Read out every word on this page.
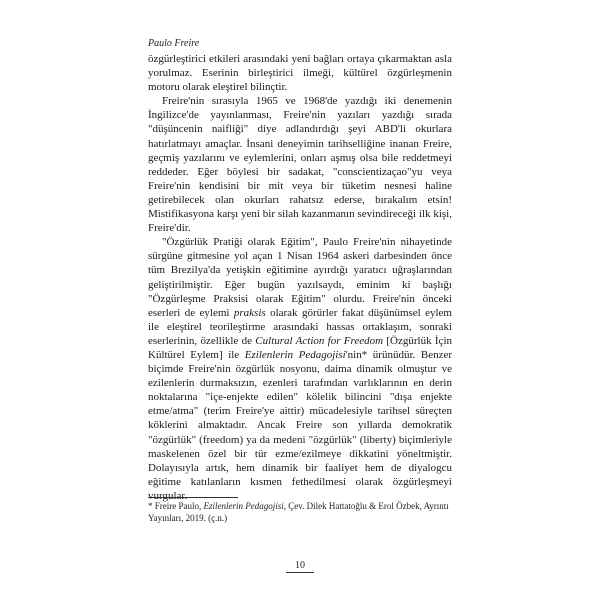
Paulo Freire

özgürleştirici etkileri arasındaki yeni bağları ortaya çıkarmaktan asla yorulmaz. Eserinin birleştirici ilmeği, kültürel özgürleşmenin motoru olarak eleştirel bilinçtir.

Freire'nin sırasıyla 1965 ve 1968'de yazdığı iki denemenin İngilizce'de yayınlanması, Freire'nin yazıları yazdığı sırada "düşüncenin naifliği" diye adlandırdığı şeyi ABD'li okurlara hatırlatmayı amaçlar. İnsani deneyimin tarihselliğine inanan Freire, geçmiş yazılarını ve eylemlerini, onları aşmış olsa bile reddetmeyi reddeder. Eğer böylesi bir sadakat, "conscientizaçao"yu veya Freire'nin kendisini bir mit veya bir tüketim nesnesi haline getirebilecek olan okurları rahatsız ederse, bırakalım etsin! Mistifikasyona karşı yeni bir silah kazanmanın sevindireceği ilk kişi, Freire'dir.

"Özgürlük Pratiği olarak Eğitim", Paulo Freire'nin nihayetinde sürgüne gitmesine yol açan 1 Nisan 1964 askeri darbesinden önce tüm Brezilya'da yetişkin eğitimine ayırdığı yaratıcı uğraşlarından geliştirilmiştir. Eğer bugün yazılsaydı, eminim ki başlığı "Özgürleşme Praksisi olarak Eğitim" olurdu. Freire'nin önceki eserleri de eylemi praksis olarak görürler fakat düşünümsel eylem ile eleştirel teorileştirme arasındaki hassas ortaklaşım, sonraki eserlerinin, özellikle de Cultural Action for Freedom [Özgürlük İçin Kültürel Eylem] ile Ezilenlerin Pedagojisi'nin* ürünüdür. Benzer biçimde Freire'nin özgürlük nosyonu, daima dinamik olmuştur ve ezilenlerin durmaksızın, ezenleri tarafından varlıklarının en derin noktalarına "içe-enjekte edilen" kölelik bilincini "dışa enjekte etme/atma" (terim Freire'ye aittir) mücadelesiyle tarihsel süreçten köklerini almaktadır. Ancak Freire son yıllarda demokratik "özgürlük" (freedom) ya da medeni "özgürlük" (liberty) biçimleriyle maskelenen özel bir tür ezme/ezilmeye dikkatini yöneltmiştir. Dolayısıyla artık, hem dinamik bir faaliyet hem de diyalogcu eğitime katılanların kısmen fethedilmesi olarak özgürleşmeyi vurgular.

* Freire Paulo, Ezilenlerin Pedagojisi, Çev. Dilek Hattatoğlu & Erol Özbek, Ayrıntı Yayınları, 2019. (ç.n.)
10
